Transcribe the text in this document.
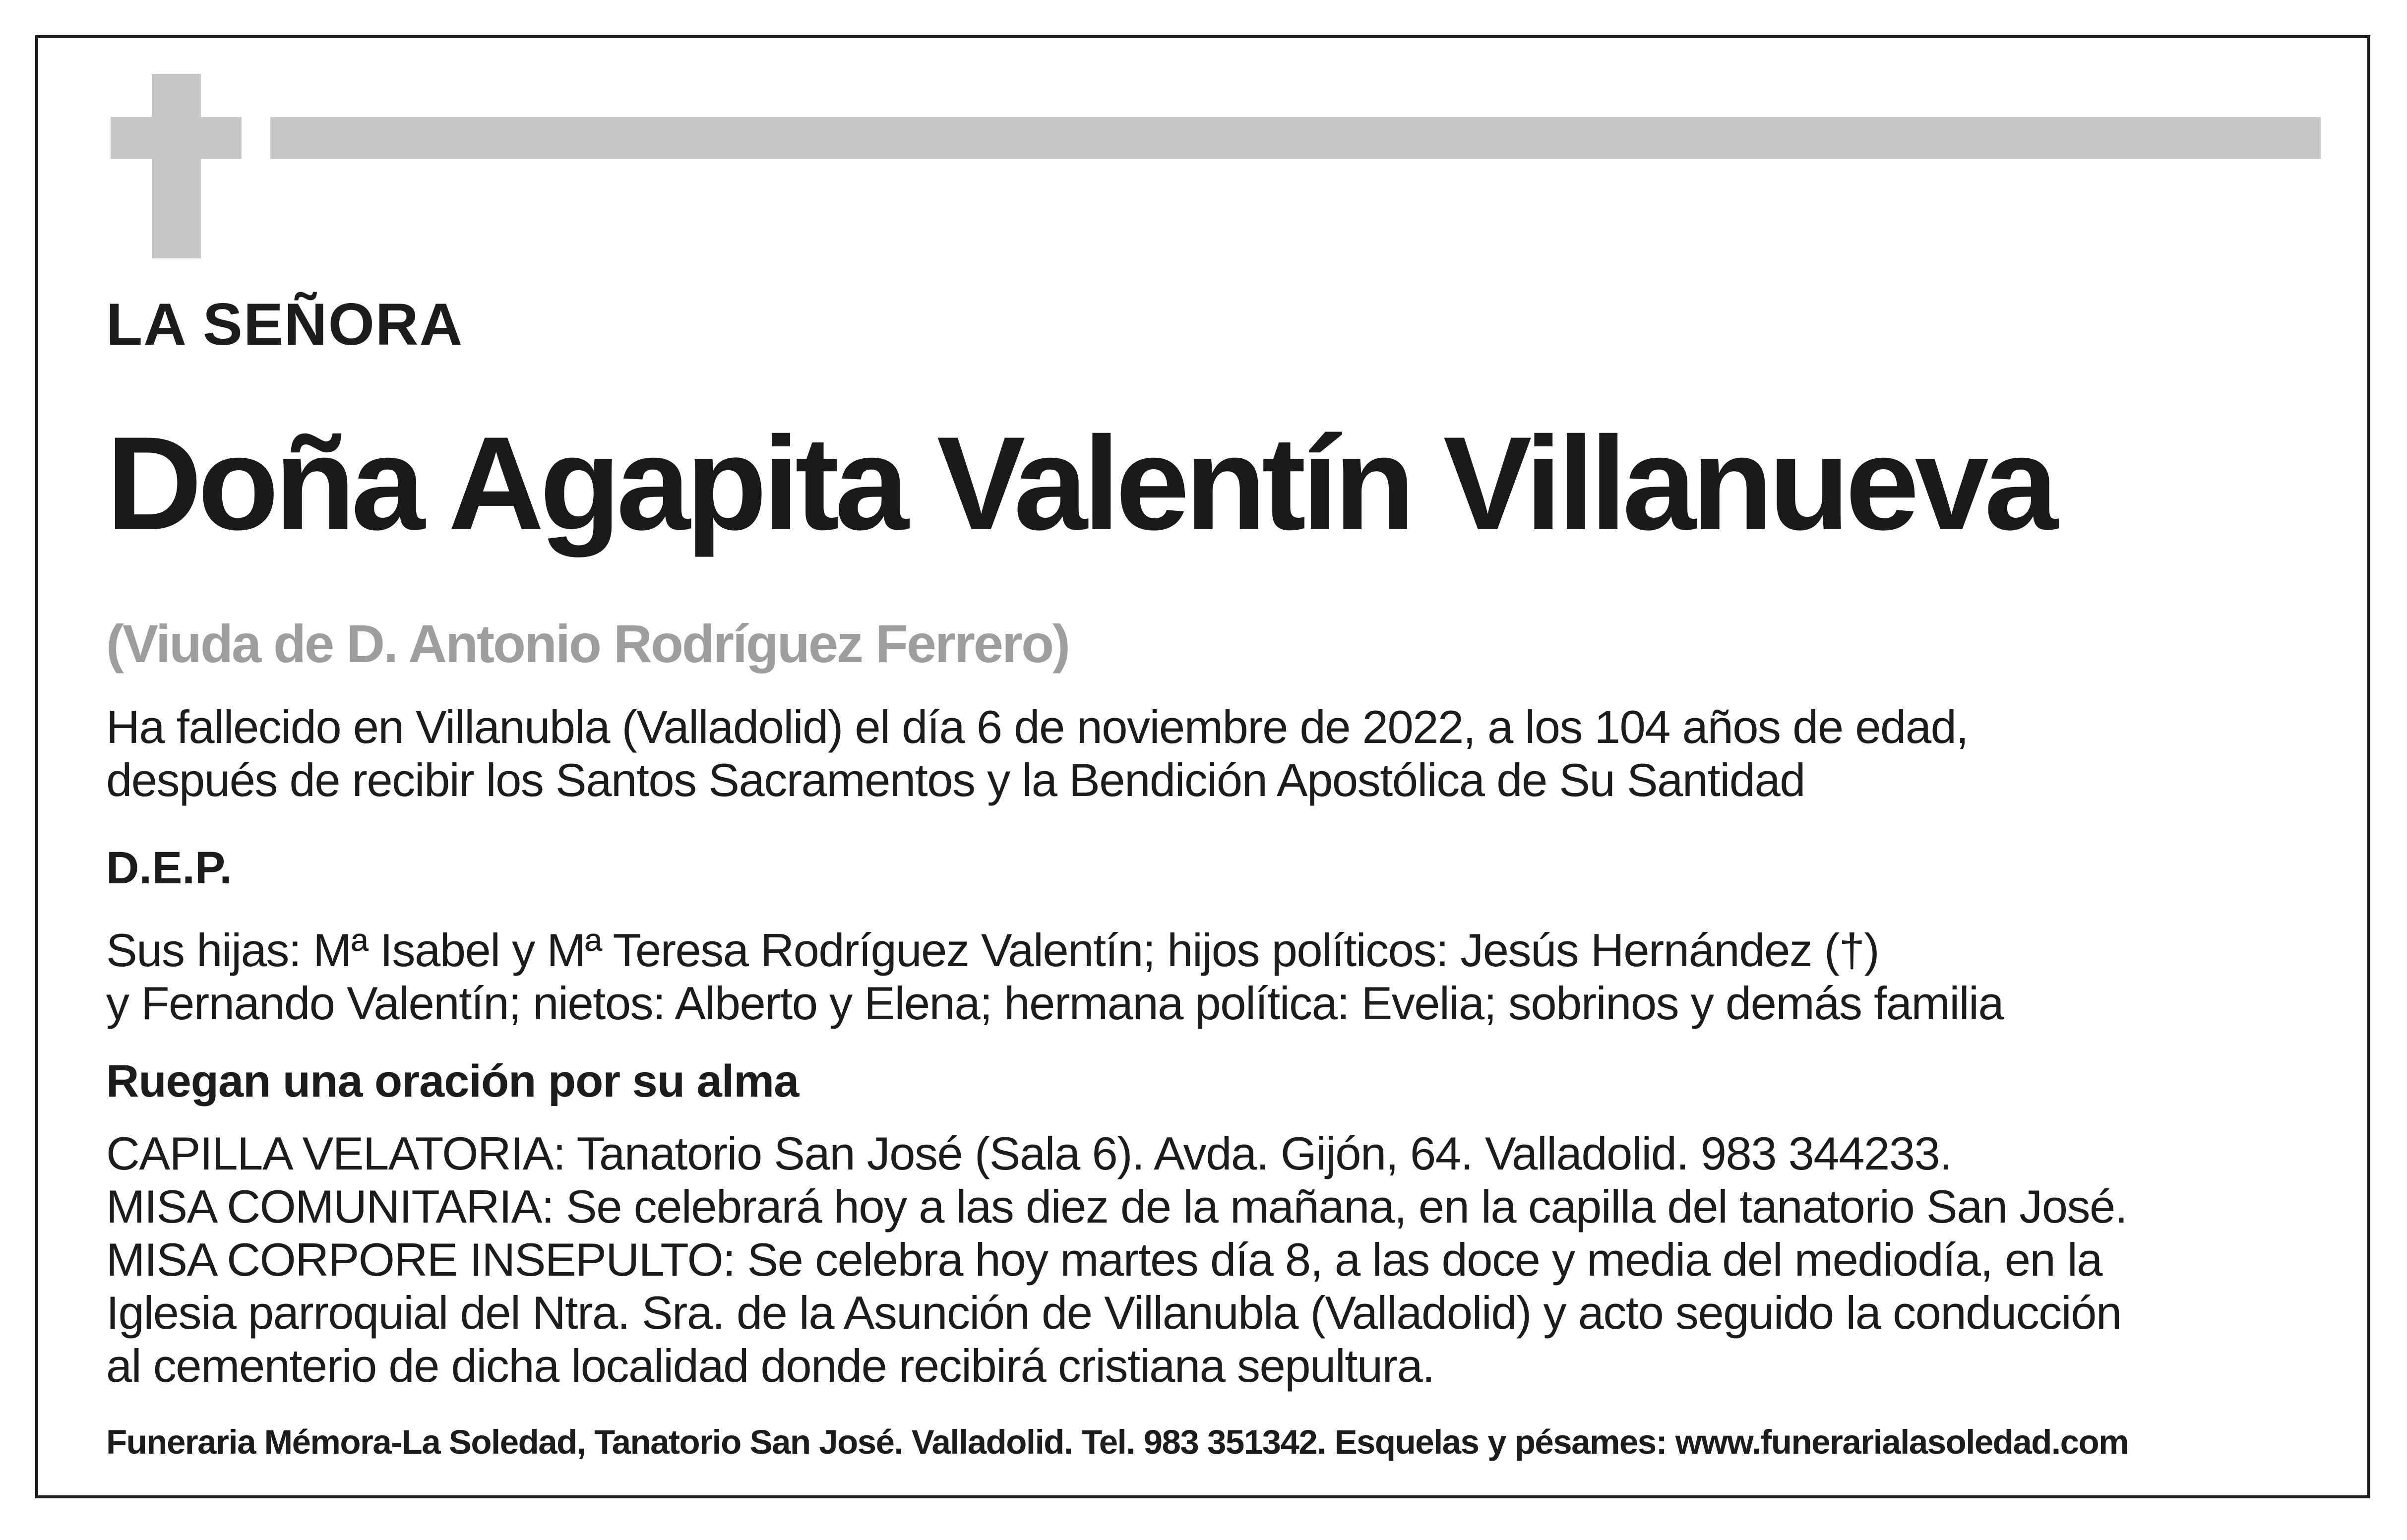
LA SEÑORA
Doña Agapita Valentín Villanueva
(Viuda de D. Antonio Rodríguez Ferrero)
Ha fallecido en Villanubla (Valladolid) el día 6 de noviembre de 2022, a los 104 años de edad,
después de recibir los Santos Sacramentos y la Bendición Apostólica de Su Santidad
D.E.P.
Sus hijas: Mª Isabel y Mª Teresa Rodríguez Valentín; hijos políticos: Jesús Hernández (†)
y Fernando Valentín; nietos: Alberto y Elena; hermana política: Evelia; sobrinos y demás familia
Ruegan una oración por su alma
CAPILLA VELATORIA: Tanatorio San José (Sala 6). Avda. Gijón, 64. Valladolid. 983 344233.
MISA COMUNITARIA: Se celebrará hoy a las diez de la mañana, en la capilla del tanatorio San José.
MISA CORPORE INSEPULTO: Se celebra hoy martes día 8, a las doce y media del mediodía, en la
Iglesia parroquial del Ntra. Sra. de la Asunción de Villanubla (Valladolid) y acto seguido la conducción
al cementerio de dicha localidad donde recibirá cristiana sepultura.
Funeraria Mémora-La Soledad, Tanatorio San José. Valladolid. Tel. 983 351342. Esquelas y pésames: www.funerarialasoledad.com
